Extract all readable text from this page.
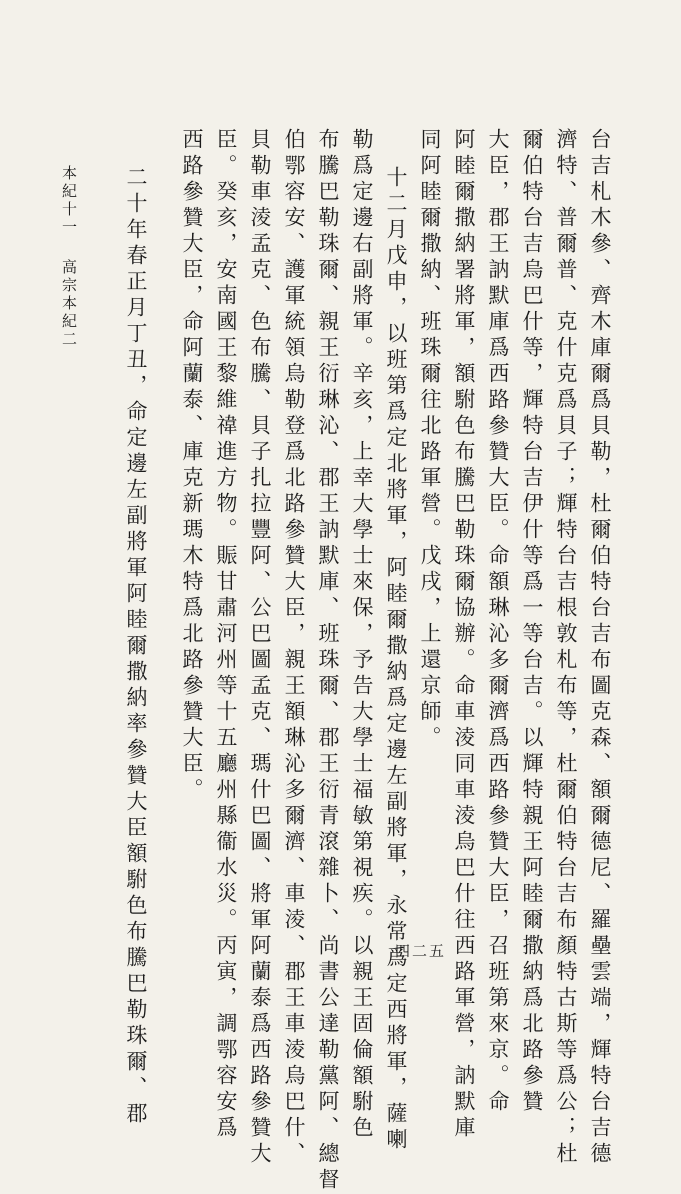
台吉札木參、齊木庫爾爲貝勒，杜爾伯特台吉布圖克森、額爾德尼、羅壘雲端，輝特台吉德
濟特、普爾普、克什克爲貝子；輝特台吉根敦札布等，杜爾伯特台吉布顏特古斯等爲公；杜
爾伯特台吉烏巴什等，輝特台吉伊什等爲一等台吉。以輝特親王阿睦爾撒納爲北路參贊
大臣，郡王訥默庫爲西路參贊大臣。命額琳沁多爾濟爲西路參贊大臣，召班第來京。命
阿睦爾撒納署將軍，額駙色布騰巴勒珠爾協辦。命車淩同車淩烏巴什往西路軍營，訥默庫
同阿睦爾撒納、班珠爾往北路軍營。戊戌，上還京師。
十二月戊申，以班第爲定北將軍，阿睦爾撒納爲定邊左副將軍，永常爲定西將軍，薩喇
勒爲定邊右副將軍。辛亥，上幸大學士來保，予告大學士福敏第視疾。以親王固倫額駙色
布騰巴勒珠爾、親王衍琳沁、郡王訥默庫、班珠爾、郡王衍青滾雜卜、尚書公達勒黨阿、總督
伯鄂容安、護軍統領烏勒登爲北路參贊大臣，親王額琳沁多爾濟、車淩、郡王車淩烏巴什、
貝勒車淩孟克、色布騰、貝子扎拉豐阿、公巴圖孟克、瑪什巴圖、將軍阿蘭泰爲西路參贊大
臣。癸亥，安南國王黎維禕進方物。賑甘肅河州等十五廳州縣衞水災。丙寅，調鄂容安爲
西路參贊大臣，命阿蘭泰、庫克新瑪木特爲北路參贊大臣。
二十年春正月丁丑，命定邊左副將軍阿睦爾撒納率參贊大臣額駙色布騰巴勒珠爾、郡
本紀十一高宗本紀二
四二五
